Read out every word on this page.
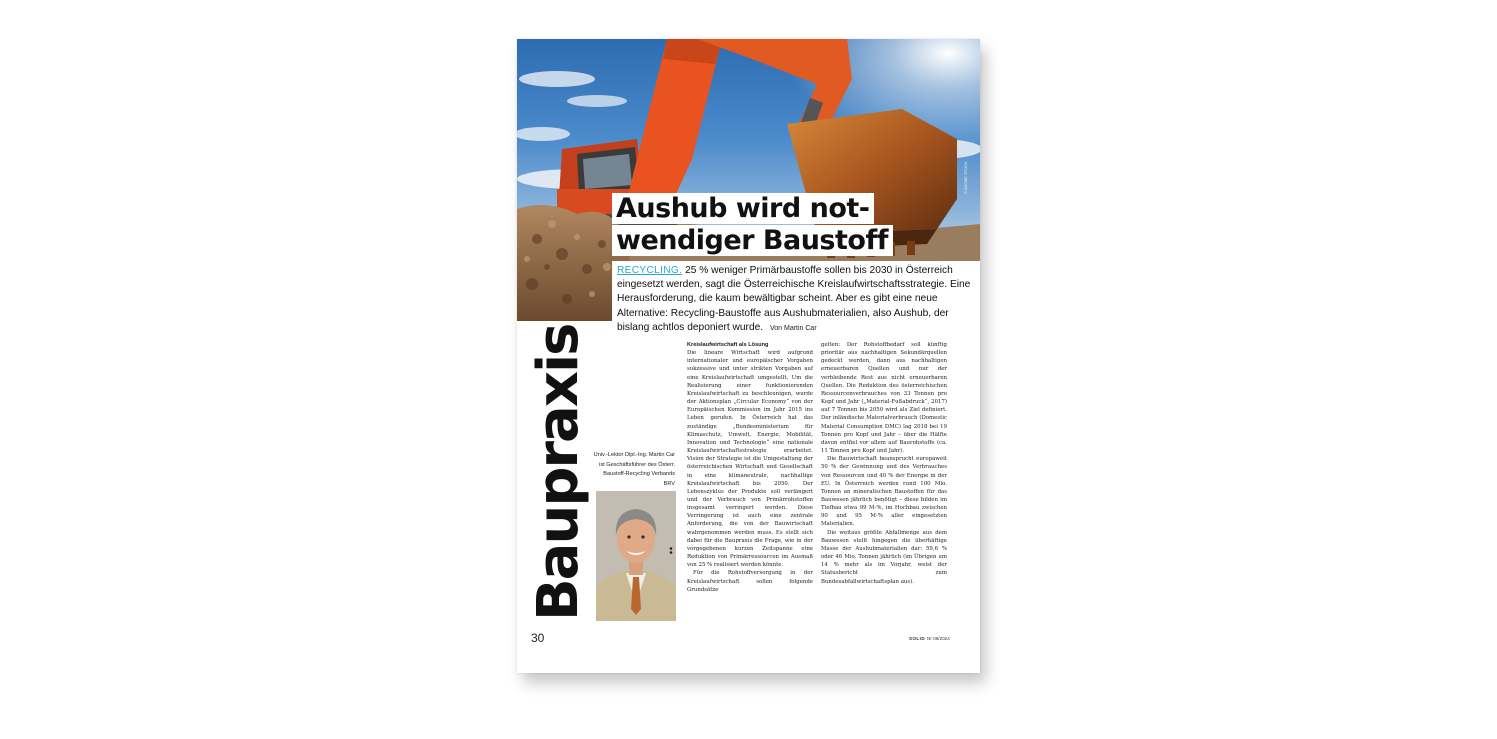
© ADOBE STOCK
Aushub wird not-
wendiger Baustoff
RECYCLING. 25 % weniger Primärbaustoffe sollen bis 2030 in Österreich eingesetzt werden, sagt die Österreichische Kreislaufwirtschaftsstrategie. Eine Herausforderung, die kaum bewältigbar scheint. Aber es gibt eine neue Alternative: Recycling-Baustoffe aus Aushubmaterialien, also Aushub, der bislang achtlos deponiert wurde. Von Martin Car
Baupraxis Univ.-Lektor Dipl.-Ing. Martin Car ist Geschäftsführer des Österr. Baustoff-Recycling Verbands BRV
Kreislaufwirtschaft als Lösung

Die lineare Wirtschaft wird aufgrund internationaler und europäischer Vorgaben sukzessive und unter strikten Vorgaben auf eine Kreislaufwirtschaft umgestellt. Um die Realisierung einer funktionierenden Kreislaufwirtschaft zu beschleunigen, wurde der Aktionsplan „Circular Economy“ von der Europäischen Kommission im Jahr 2015 ins Leben gerufen. In Österreich hat das zuständige „Bundesministerium für Klimaschutz, Umwelt, Energie, Mobilität, Innovation und Technologie“ eine nationale Kreislaufwirtschaftsstrategie erarbeitet. Vision der Strategie ist die Umgestaltung der österreichischen Wirtschaft und Gesellschaft in eine klimaneutrale, nachhaltige Kreislaufwirtschaft bis 2050. Der Lebenszyklus der Produkte soll verlängert und der Verbrauch von Primärrohstoffen insgesamt verringert werden. Diese Verringerung ist auch eine zentrale Anforderung, die von der Bauwirtschaft wahrgenommen werden muss. Es stellt sich dabei für die Baupraxis die Frage, wie in der vorgegebenen kurzen Zeitspanne eine Reduktion von Primärressourcen im Ausmaß von 25 % realisiert werden könnte.

Für die Rohstoffversorgung in der Kreislaufwirtschaft sollen folgende Grundsätze

gelten: Der Rohstoffbedarf soll künftig prioritär aus nachhaltigen Sekundärquellen gedeckt werden, dann aus nachhaltigen erneuerbaren Quellen und nur der verbleibende Rest aus nicht erneuerbaren Quellen. Die Reduktion des österreichischen Ressourcenverbrauches von 33 Tonnen pro Kopf und Jahr („Material-Fußabdruck“, 2017) auf 7 Tonnen bis 2050 wird als Ziel definiert. Der inländische Materialverbrauch (Domestic Material Consumption DMC) lag 2018 bei 19 Tonnen pro Kopf und Jahr – über die Hälfte davon entfiel vor allem auf Baurohstoffe (ca. 11 Tonnen pro Kopf und Jahr).

Die Bauwirtschaft beansprucht europaweit 50 % der Gewinnung und des Verbrauches von Ressourcen und 40 % der Energie in der EU. In Österreich werden rund 100 Mio. Tonnen an mineralischen Baustoffen für das Bauwesen jährlich benötigt – diese bilden im Tiefbau etwa 99 M-%, im Hochbau zwischen 90 und 95 M-% aller eingesetzten Materialien.

Die weitaus größte Abfallmenge aus dem Bauwesen stellt hingegen die überhäftige Masse der Aushubmaterialien dar: 59,6 % oder 46 Mio. Tonnen jährlich (im Übrigen um 14 % mehr als im Vorjahr, weist der Statusbericht zum Bundesabfallwirtschaftsplan aus).

30	SOLID Nr 06/2024
